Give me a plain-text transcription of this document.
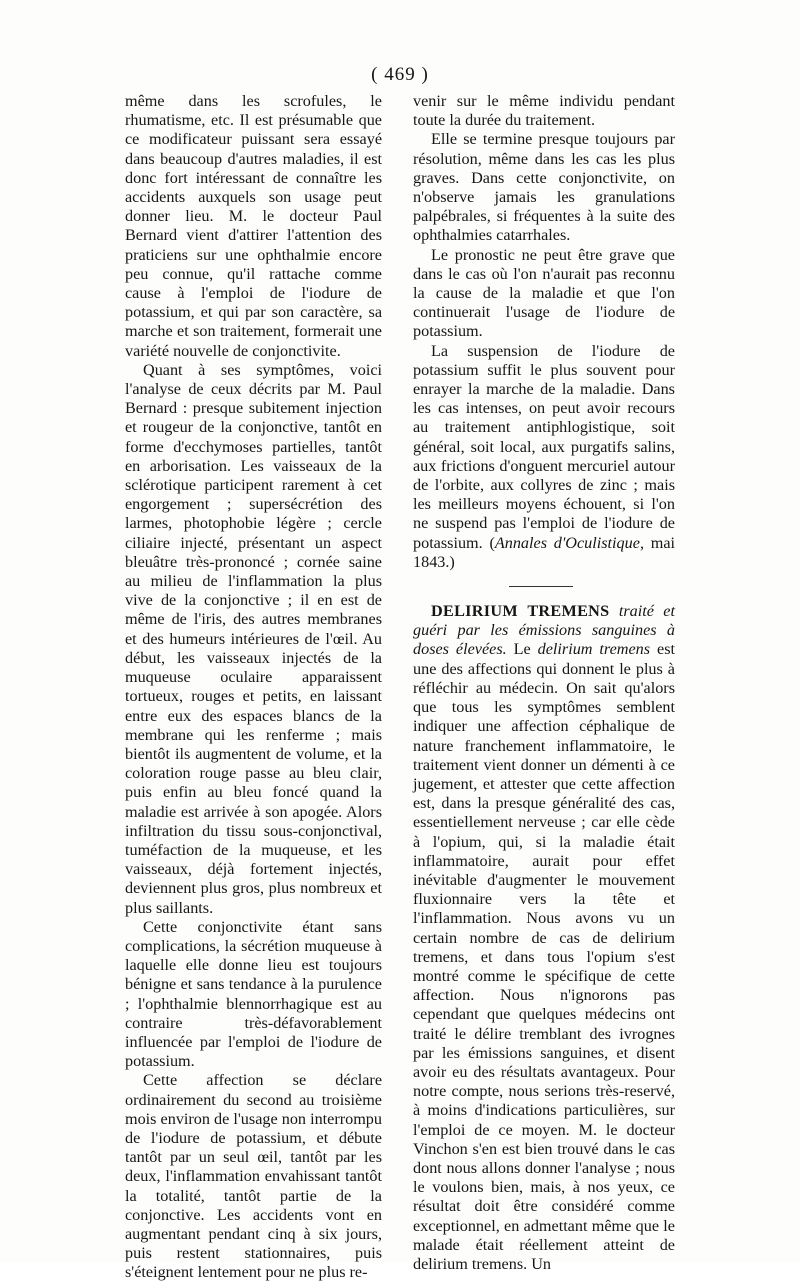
( 469 )

même dans les scrofules, le rhumatisme, etc. Il est présumable que ce modificateur puissant sera essayé dans beaucoup d'autres maladies, il est donc fort intéressant de connaître les accidents auxquels son usage peut donner lieu. M. le docteur Paul Bernard vient d'attirer l'attention des praticiens sur une ophthalmie encore peu connue, qu'il rattache comme cause à l'emploi de l'iodure de potassium, et qui par son caractère, sa marche et son traitement, formerait une variété nouvelle de conjonctivite.

Quant à ses symptômes, voici l'analyse de ceux décrits par M. Paul Bernard : presque subitement injection et rougeur de la conjonctive, tantôt en forme d'ecchymoses partielles, tantôt en arborisation. Les vaisseaux de la sclérotique participent rarement à cet engorgement ; supersécrétion des larmes, photophobie légère ; cercle ciliaire injecté, présentant un aspect bleuâtre très-prononcé ; cornée saine au milieu de l'inflammation la plus vive de la conjonctive ; il en est de même de l'iris, des autres membranes et des humeurs intérieures de l'œil. Au début, les vaisseaux injectés de la muqueuse oculaire apparaissent tortueux, rouges et petits, en laissant entre eux des espaces blancs de la membrane qui les renferme ; mais bientôt ils augmentent de volume, et la coloration rouge passe au bleu clair, puis enfin au bleu foncé quand la maladie est arrivée à son apogée. Alors infiltration du tissu sous-conjonctival, tuméfaction de la muqueuse, et les vaisseaux, déjà fortement injectés, deviennent plus gros, plus nombreux et plus saillants.

Cette conjonctivite étant sans complications, la sécrétion muqueuse à laquelle elle donne lieu est toujours bénigne et sans tendance à la purulence ; l'ophthalmie blennorrhagique est au contraire très-défavorablement influencée par l'emploi de l'iodure de potassium.

Cette affection se déclare ordinairement du second au troisième mois environ de l'usage non interrompu de l'iodure de potassium, et débute tantôt par un seul œil, tantôt par les deux, l'inflammation envahissant tantôt la totalité, tantôt partie de la conjonctive. Les accidents vont en augmentant pendant cinq à six jours, puis restent stationnaires, puis s'éteignent lentement pour ne plus re-

venir sur le même individu pendant toute la durée du traitement.

Elle se termine presque toujours par résolution, même dans les cas les plus graves. Dans cette conjonctivite, on n'observe jamais les granulations palpébrales, si fréquentes à la suite des ophthalmies catarrhales.

Le pronostic ne peut être grave que dans le cas où l'on n'aurait pas reconnu la cause de la maladie et que l'on continuerait l'usage de l'iodure de potassium.

La suspension de l'iodure de potassium suffit le plus souvent pour enrayer la marche de la maladie. Dans les cas intenses, on peut avoir recours au traitement antiphlogistique, soit général, soit local, aux purgatifs salins, aux frictions d'onguent mercuriel autour de l'orbite, aux collyres de zinc ; mais les meilleurs moyens échouent, si l'on ne suspend pas l'emploi de l'iodure de potassium. (Annales d'Oculistique, mai 1843.)

DELIRIUM TREMENS traité et guéri par les émissions sanguines à doses élevées. Le delirium tremens est une des affections qui donnent le plus à réfléchir au médecin. On sait qu'alors que tous les symptômes semblent indiquer une affection céphalique de nature franchement inflammatoire, le traitement vient donner un démenti à ce jugement, et attester que cette affection est, dans la presque généralité des cas, essentiellement nerveuse ; car elle cède à l'opium, qui, si la maladie était inflammatoire, aurait pour effet inévitable d'augmenter le mouvement fluxionnaire vers la tête et l'inflammation. Nous avons vu un certain nombre de cas de delirium tremens, et dans tous l'opium s'est montré comme le spécifique de cette affection. Nous n'ignorons pas cependant que quelques médecins ont traité le délire tremblant des ivrognes par les émissions sanguines, et disent avoir eu des résultats avantageux. Pour notre compte, nous serions très-reservé, à moins d'indications particulières, sur l'emploi de ce moyen. M. le docteur Vinchon s'en est bien trouvé dans le cas dont nous allons donner l'analyse ; nous le voulons bien, mais, à nos yeux, ce résultat doit être considéré comme exceptionnel, en admettant même que le malade était réellement atteint de delirium tremens. Un
